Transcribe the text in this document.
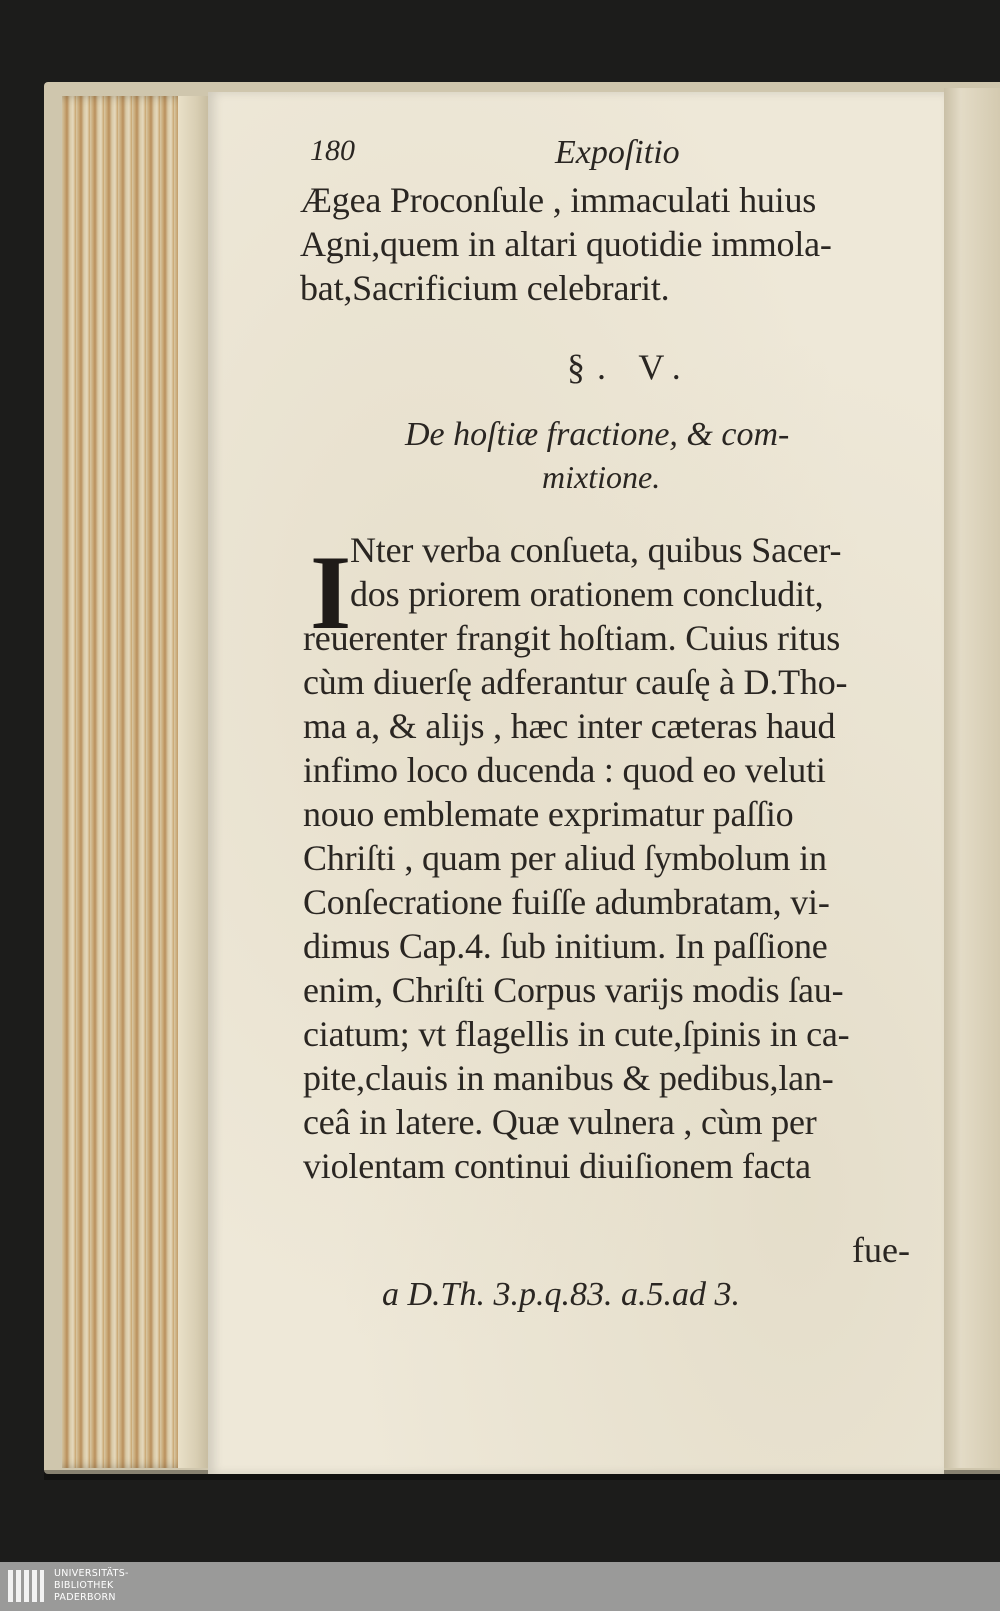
180	Expoſitio
Ægea Proconſule , immaculati huius
Agni,quem in altari quotidie immola-
bat,Sacrificium celebrarit.
§. V.
De hoſtiæ fractione, & com-
mixtione.
I
Nter verba conſueta, quibus Sacer-
dos priorem orationem concludit,
reuerenter frangit hoſtiam. Cuius ritus
cùm diuerſę adferantur cauſę à D.Tho-
ma a, & alijs , hæc inter cæteras haud
infimo loco ducenda : quod eo veluti
nouo emblemate exprimatur paſſio
Chriſti , quam per aliud ſymbolum in
Conſecratione fuiſſe adumbratam, vi-
dimus Cap.4. ſub initium. In paſſione
enim, Chriſti Corpus varijs modis ſau-
ciatum; vt flagellis in cute,ſpinis in ca-
pite,clauis in manibus & pedibus,lan-
ceâ in latere. Quæ vulnera , cùm per
violentam continui diuiſionem facta
fue-
a D.Th. 3.p.q.83. a.5.ad 3.
UNIVERSITÄTS-
BIBLIOTHEK
PADERBORN
